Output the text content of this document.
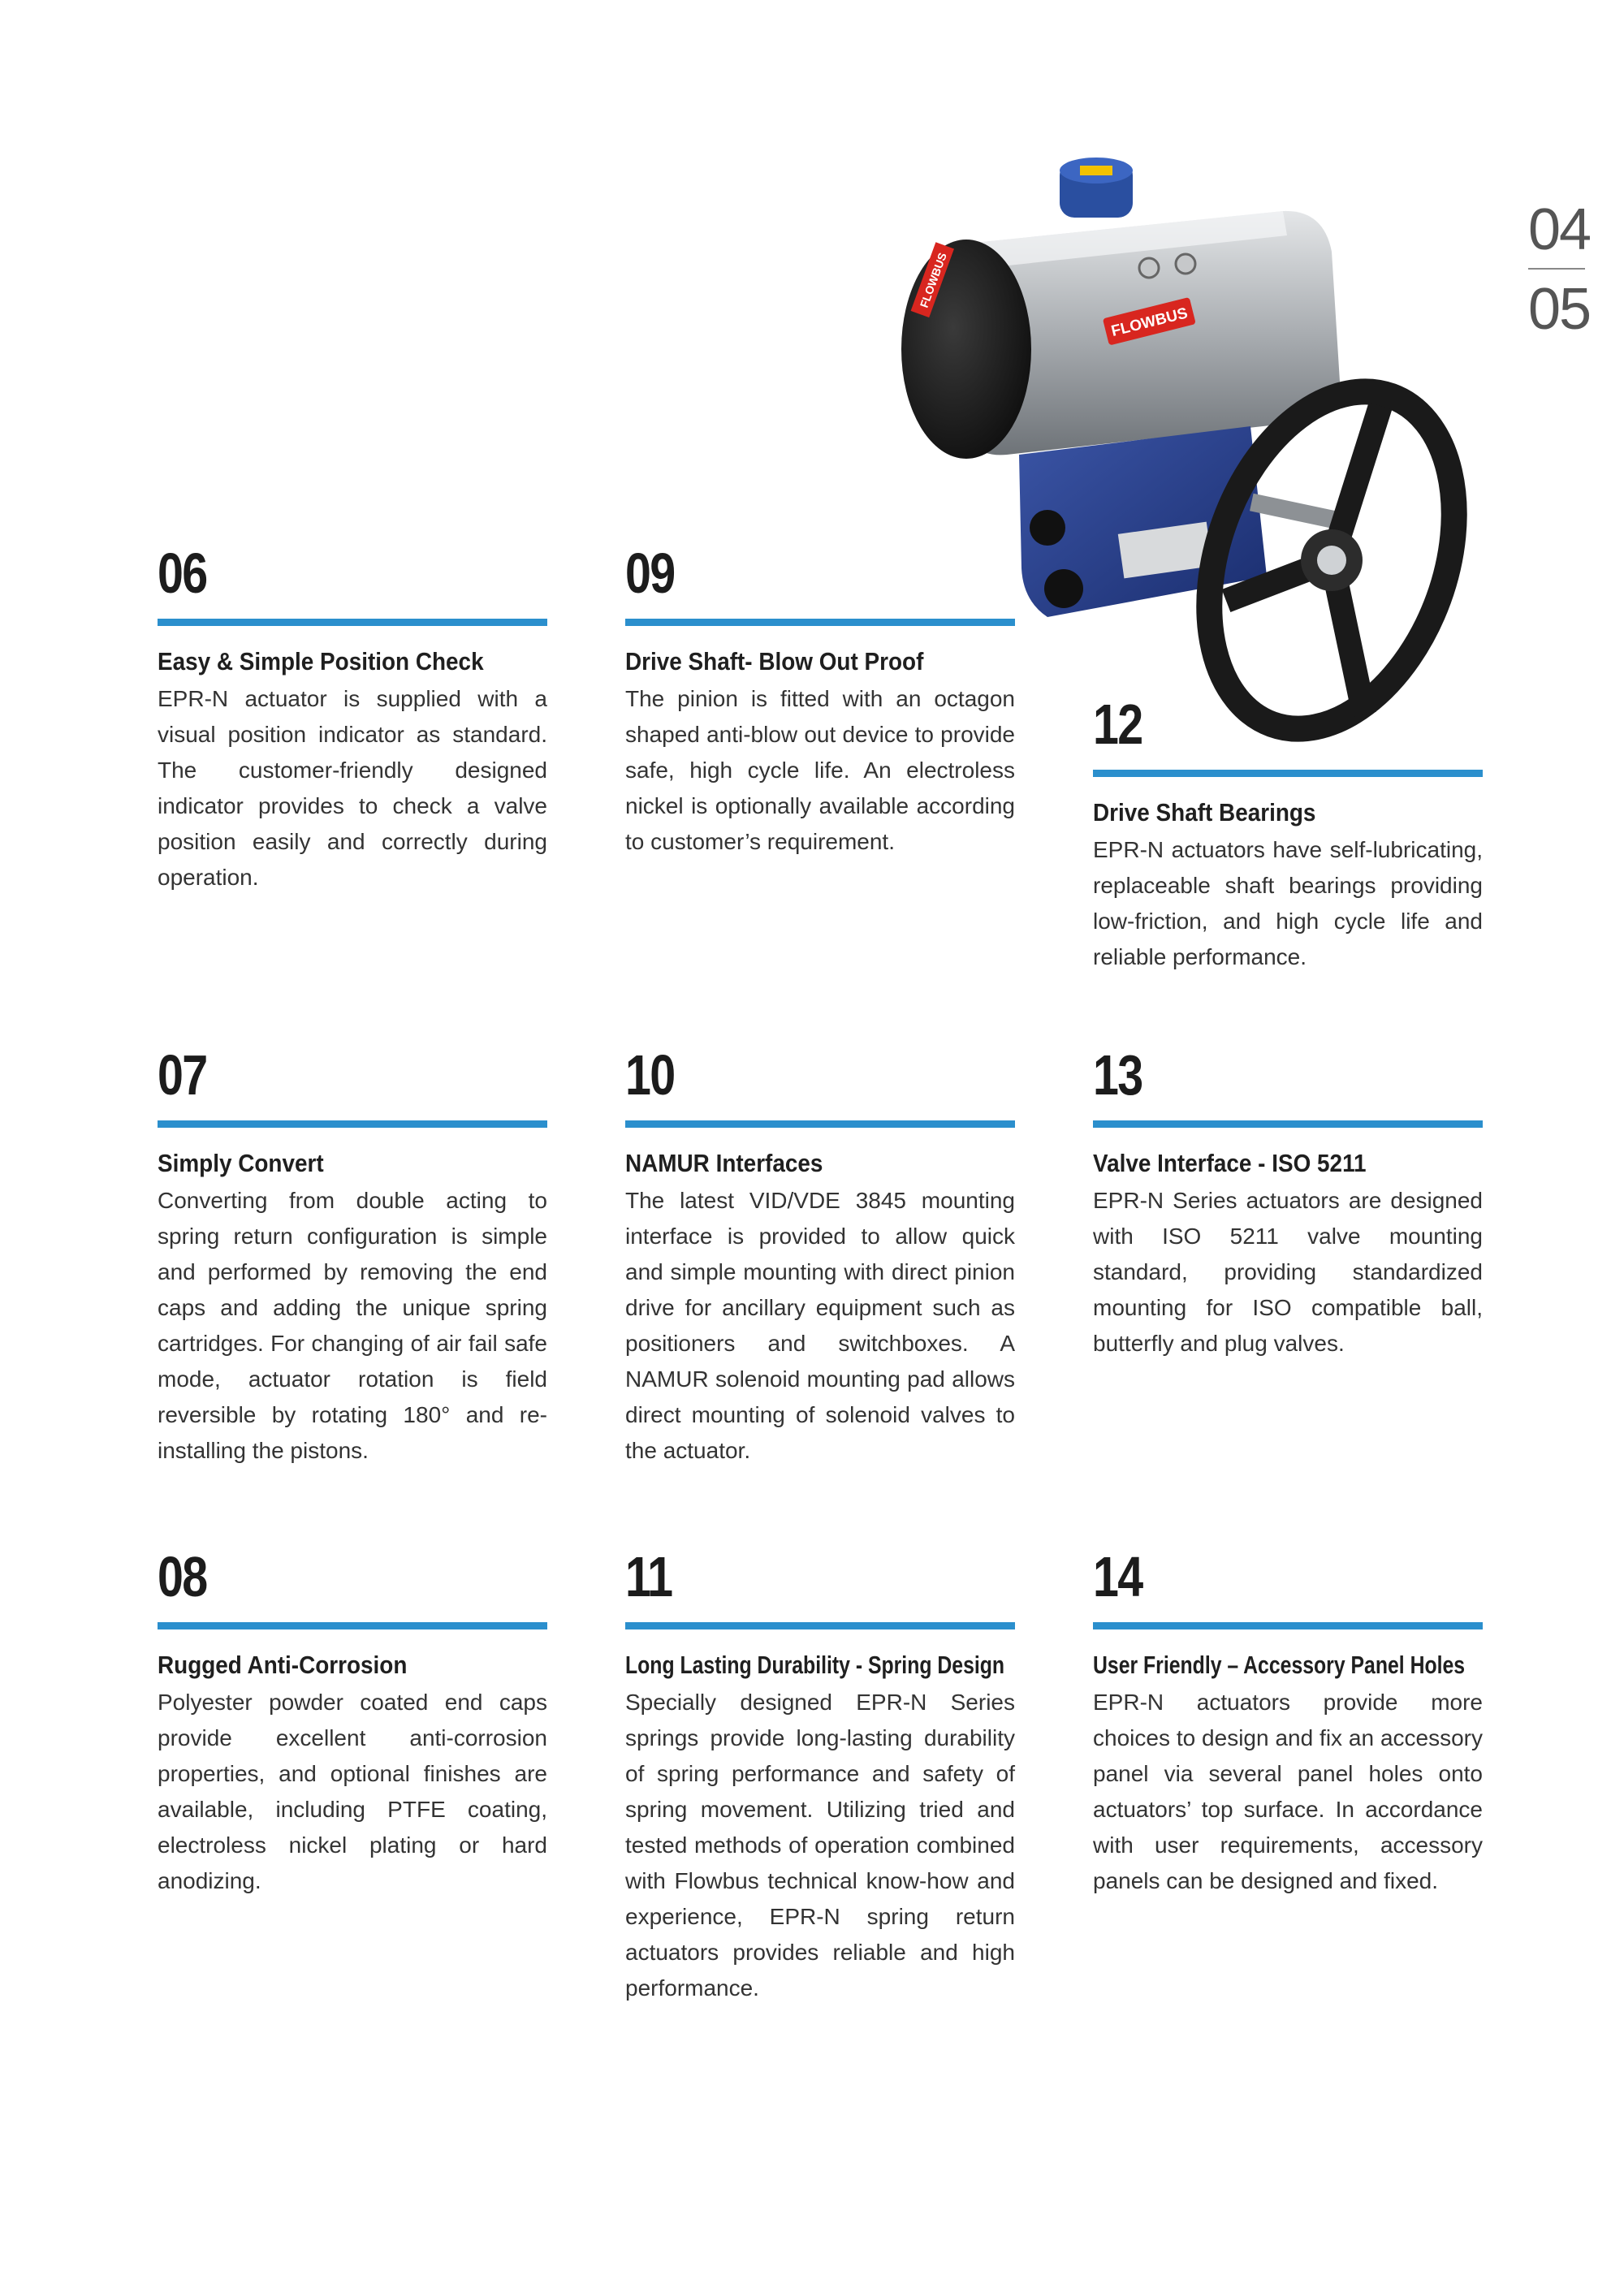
04
05
FLOWBUS
FLOWBUS
06
Easy & Simple Position Check
EPR-N actuator is supplied with a visual position indicator as standard. The customer-friendly designed indicator provides to check a valve position easily and correctly during operation.
09
Drive Shaft- Blow Out Proof
The pinion is fitted with an octagon shaped anti-blow out device to provide safe, high cycle life. An electroless nickel is optionally available according to customer’s requirement.
12
Drive Shaft Bearings
EPR-N actuators have self-lubricating, replaceable shaft bearings providing low-friction, and high cycle life and reliable performance.
07
Simply Convert
Converting from double acting to spring return configuration is simple and performed by removing the end caps and adding the unique spring cartridges. For changing of air fail safe mode, actuator rotation is field reversible by rotating 180° and re-installing the pistons.
10
NAMUR Interfaces
The latest VID/VDE 3845 mounting interface is provided to allow quick and simple mounting with direct pinion drive for ancillary equipment such as positioners and switchboxes. A NAMUR solenoid mounting pad allows direct mounting of solenoid valves to the actuator.
13
Valve Interface - ISO 5211
EPR-N Series actuators are designed with ISO 5211 valve mounting standard, providing standardized mounting for ISO compatible ball, butterfly and plug valves.
08
Rugged Anti-Corrosion
Polyester powder coated end caps provide excellent anti-corrosion properties, and optional finishes are available, including PTFE coating, electroless nickel plating or hard anodizing.
11
Long Lasting Durability - Spring Design
Specially designed EPR-N Series springs provide long-lasting durability of spring performance and safety of spring movement. Utilizing tried and tested methods of operation combined with Flowbus technical know-how and experience, EPR-N spring return actuators provides reliable and high performance.
14
User Friendly – Accessory Panel Holes
EPR-N actuators provide more choices to design and fix an accessory panel via several panel holes onto actuators’ top surface. In accordance with user requirements, accessory panels can be designed and fixed.
